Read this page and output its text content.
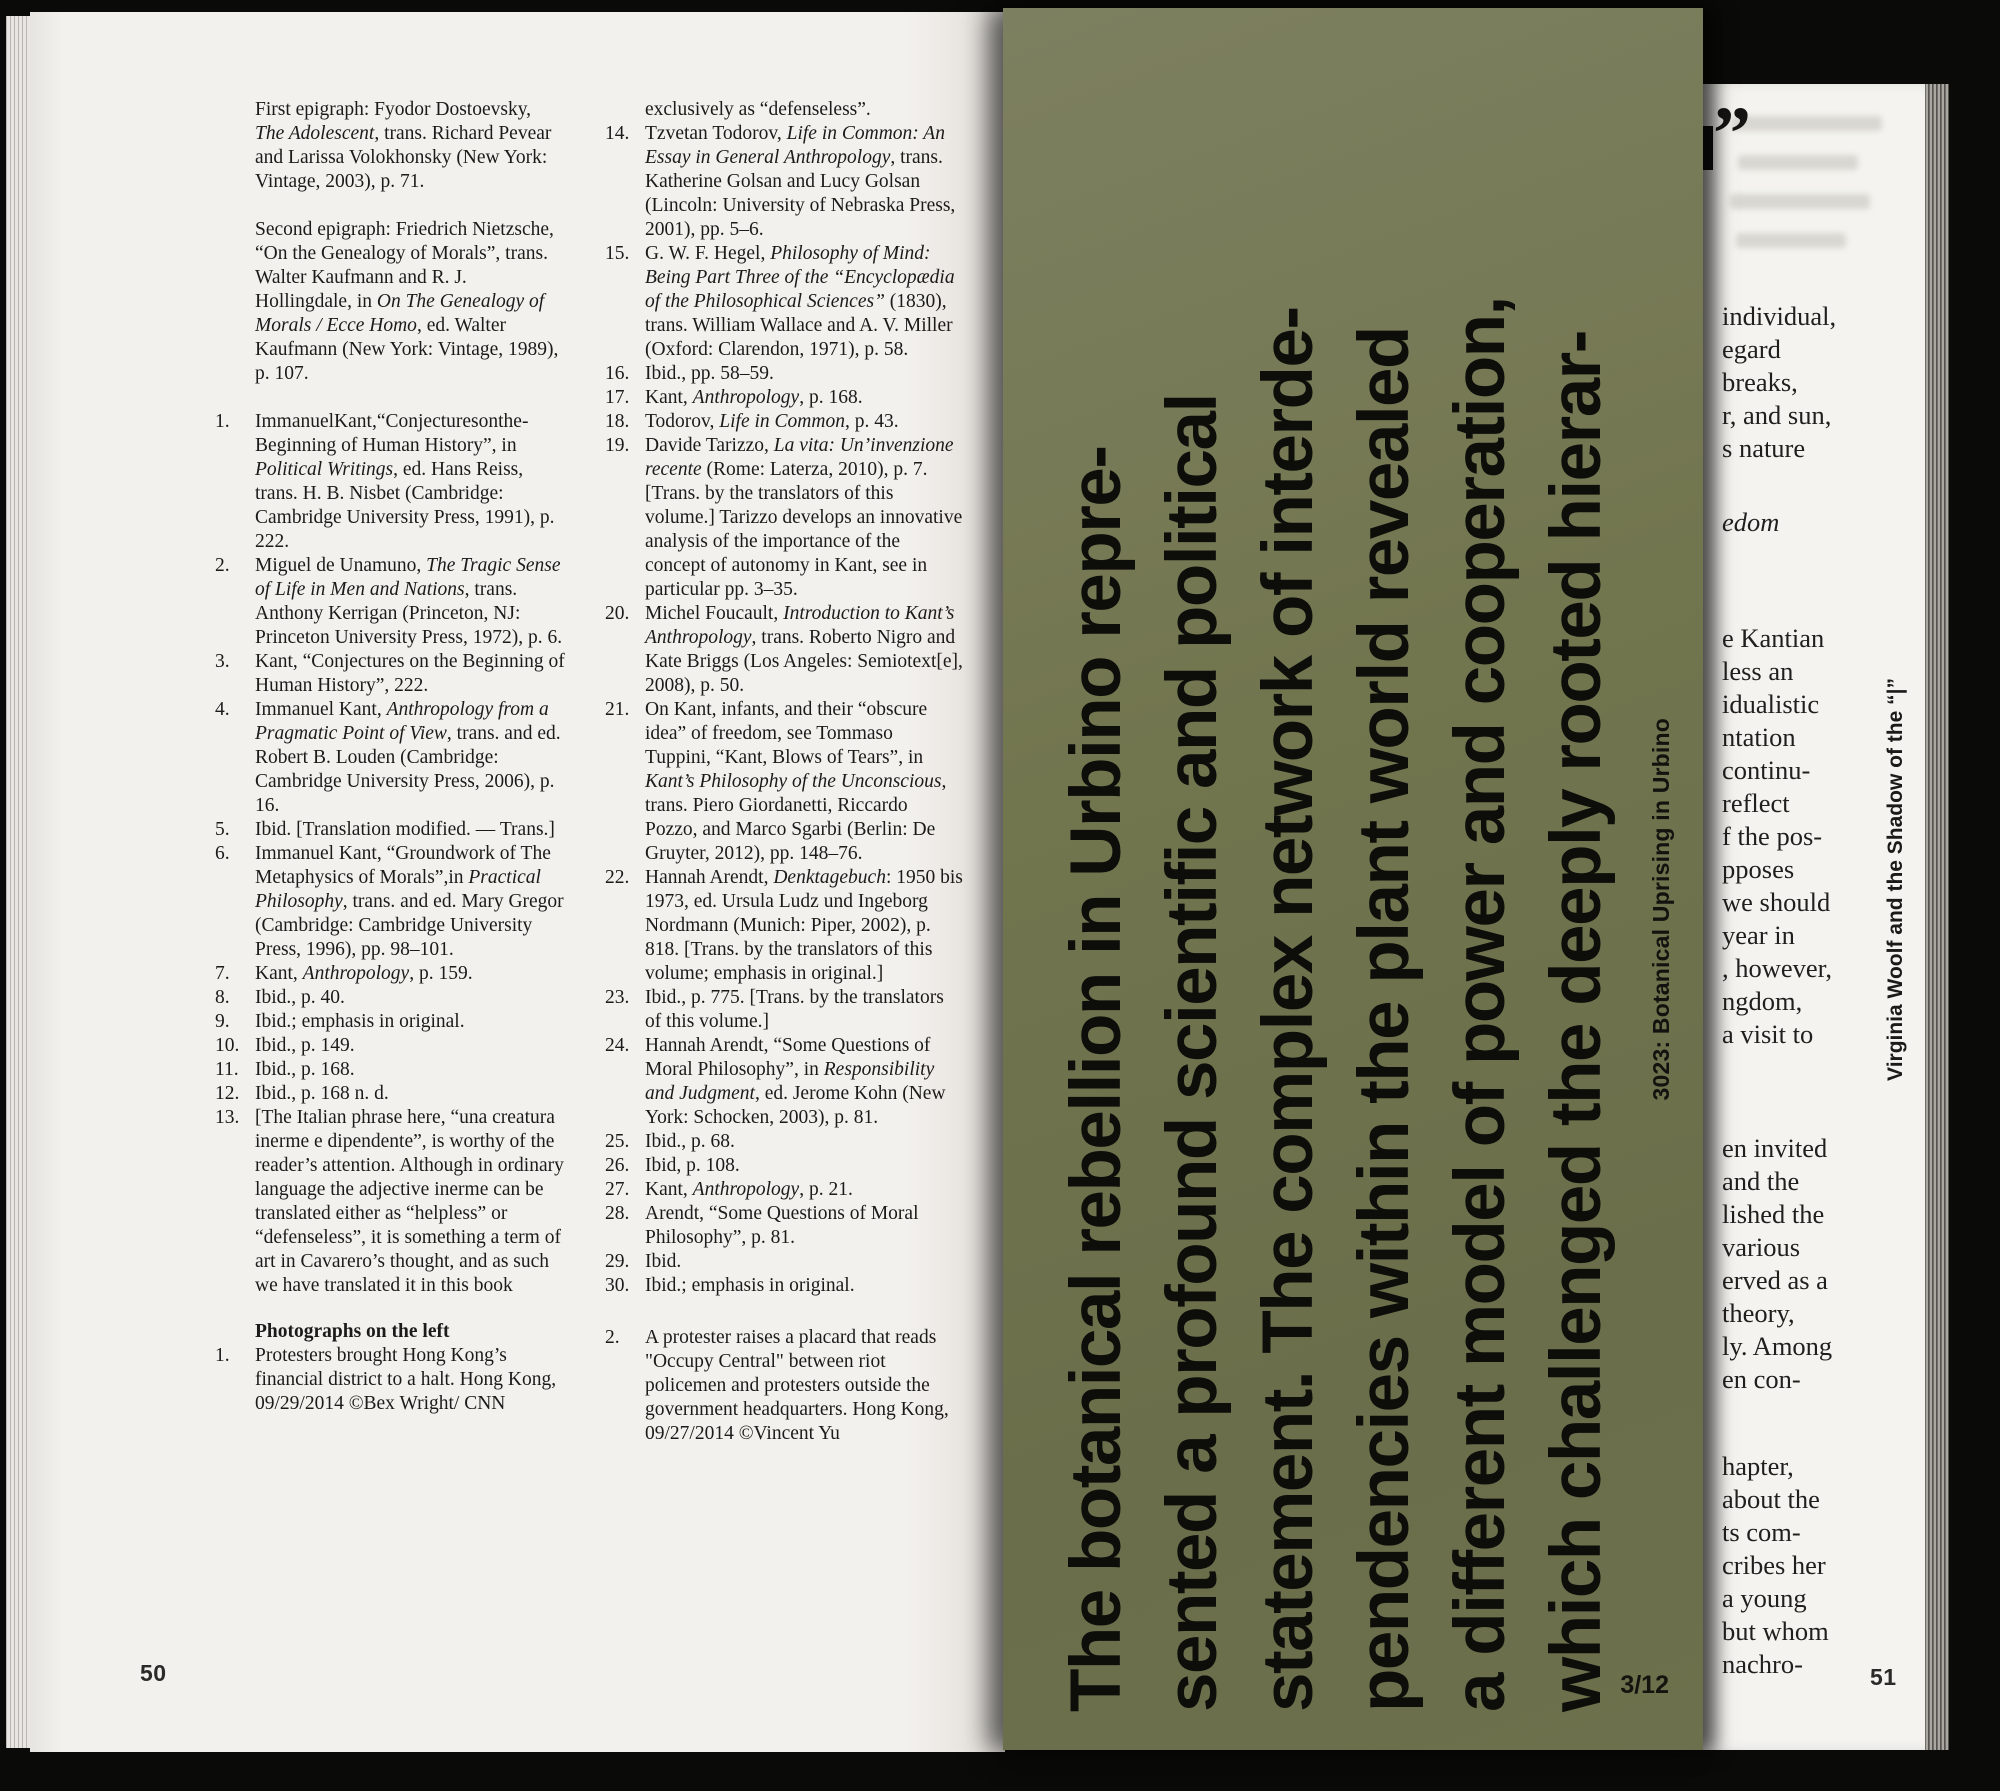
First epigraph: Fyodor Dostoevsky, The Adolescent, trans. Richard Pevear and Larissa Volokhonsky (New York: Vintage, 2003), p. 71.
Second epigraph: Friedrich Nietzsche, “On the Genealogy of Morals”, trans. Walter Kaufmann and R. J. Hollingdale, in On The Genealogy of Morals / Ecce Homo, ed. Walter Kaufmann (New York: Vintage, 1989), p. 107.
1. ImmanuelKant,“Conjecturesonthe-Beginning of Human History”, in Political Writings, ed. Hans Reiss, trans. H. B. Nisbet (Cambridge: Cambridge University Press, 1991), p. 222.
2. Miguel de Unamuno, The Tragic Sense of Life in Men and Nations, trans. Anthony Kerrigan (Princeton, NJ: Princeton University Press, 1972), p. 6.
3. Kant, “Conjectures on the Beginning of Human History”, 222.
4. Immanuel Kant, Anthropology from a Pragmatic Point of View, trans. and ed. Robert B. Louden (Cambridge: Cambridge University Press, 2006), p. 16.
5. Ibid. [Translation modified. — Trans.]
6. Immanuel Kant, “Groundwork of The Metaphysics of Morals”,in Practical Philosophy, trans. and ed. Mary Gregor (Cambridge: Cambridge University Press, 1996), pp. 98–101.
7. Kant, Anthropology, p. 159.
8. Ibid., p. 40.
9. Ibid.; emphasis in original.
10. Ibid., p. 149.
11. Ibid., p. 168.
12. Ibid., p. 168 n. d.
13. [The Italian phrase here, “una creatura inerme e dipendente”, is worthy of the reader’s attention. Although in ordinary language the adjective inerme can be translated either as “helpless” or “defenseless”, it is something a term of art in Cavarero’s thought, and as such we have translated it in this book
Photographs on the left
1. Protesters brought Hong Kong’s financial district to a halt. Hong Kong, 09/29/2014 ©Bex Wright/ CNN
exclusively as “defenseless”.
14. Tzvetan Todorov, Life in Common: An Essay in General Anthropology, trans. Katherine Golsan and Lucy Golsan (Lincoln: University of Nebraska Press, 2001), pp. 5–6.
15. G. W. F. Hegel, Philosophy of Mind: Being Part Three of the “Encyclopædia of the Philosophical Sciences” (1830), trans. William Wallace and A. V. Miller (Oxford: Clarendon, 1971), p. 58.
16. Ibid., pp. 58–59.
17. Kant, Anthropology, p. 168.
18. Todorov, Life in Common, p. 43.
19. Davide Tarizzo, La vita: Un’invenzione recente (Rome: Laterza, 2010), p. 7. [Trans. by the translators of this volume.] Tarizzo develops an innovative analysis of the importance of the concept of autonomy in Kant, see in particular pp. 3–35.
20. Michel Foucault, Introduction to Kant’s Anthropology, trans. Roberto Nigro and Kate Briggs (Los Angeles: Semiotext[e], 2008), p. 50.
21. On Kant, infants, and their “obscure idea” of freedom, see Tommaso Tuppini, “Kant, Blows of Tears”, in Kant’s Philosophy of the Unconscious, trans. Piero Giordanetti, Riccardo Pozzo, and Marco Sgarbi (Berlin: De Gruyter, 2012), pp. 148–76.
22. Hannah Arendt, Denktagebuch: 1950 bis 1973, ed. Ursula Ludz und Ingeborg Nordmann (Munich: Piper, 2002), p. 818. [Trans. by the translators of this volume; emphasis in original.]
23. Ibid., p. 775. [Trans. by the translators of this volume.]
24. Hannah Arendt, “Some Questions of Moral Philosophy”, in Responsibility and Judgment, ed. Jerome Kohn (New York: Schocken, 2003), p. 81.
25. Ibid., p. 68.
26. Ibid, p. 108.
27. Kant, Anthropology, p. 21.
28. Arendt, “Some Questions of Moral Philosophy”, p. 81.
29. Ibid.
30. Ibid.; emphasis in original.
2. A protester raises a placard that reads "Occupy Central" between riot policemen and protesters outside the government headquarters. Hong Kong, 09/27/2014 ©Vincent Yu
50
”
individual,
egard
breaks,
r, and sun,
s nature
edom
e Kantian
less an
idualistic
ntation
continu-
reflect
f the pos-
pposes
we should
year in
, however,
ngdom,
a visit to
en invited
and the
lished the
various
erved as a
theory,
ly. Among
en con-
hapter,
about the
ts com-
cribes her
a young
but whom
nachro-
Virginia Woolf and the Shadow of the “|”
51
The botanical rebellion in Urbino repre- sented a profound scientific and political statement. The complex network of interde- pendencies within the plant world revealed a different model of power and cooperation, which challenged the deeply rooted hierar-	3023: Botanical Uprising in Urbino
3/12
